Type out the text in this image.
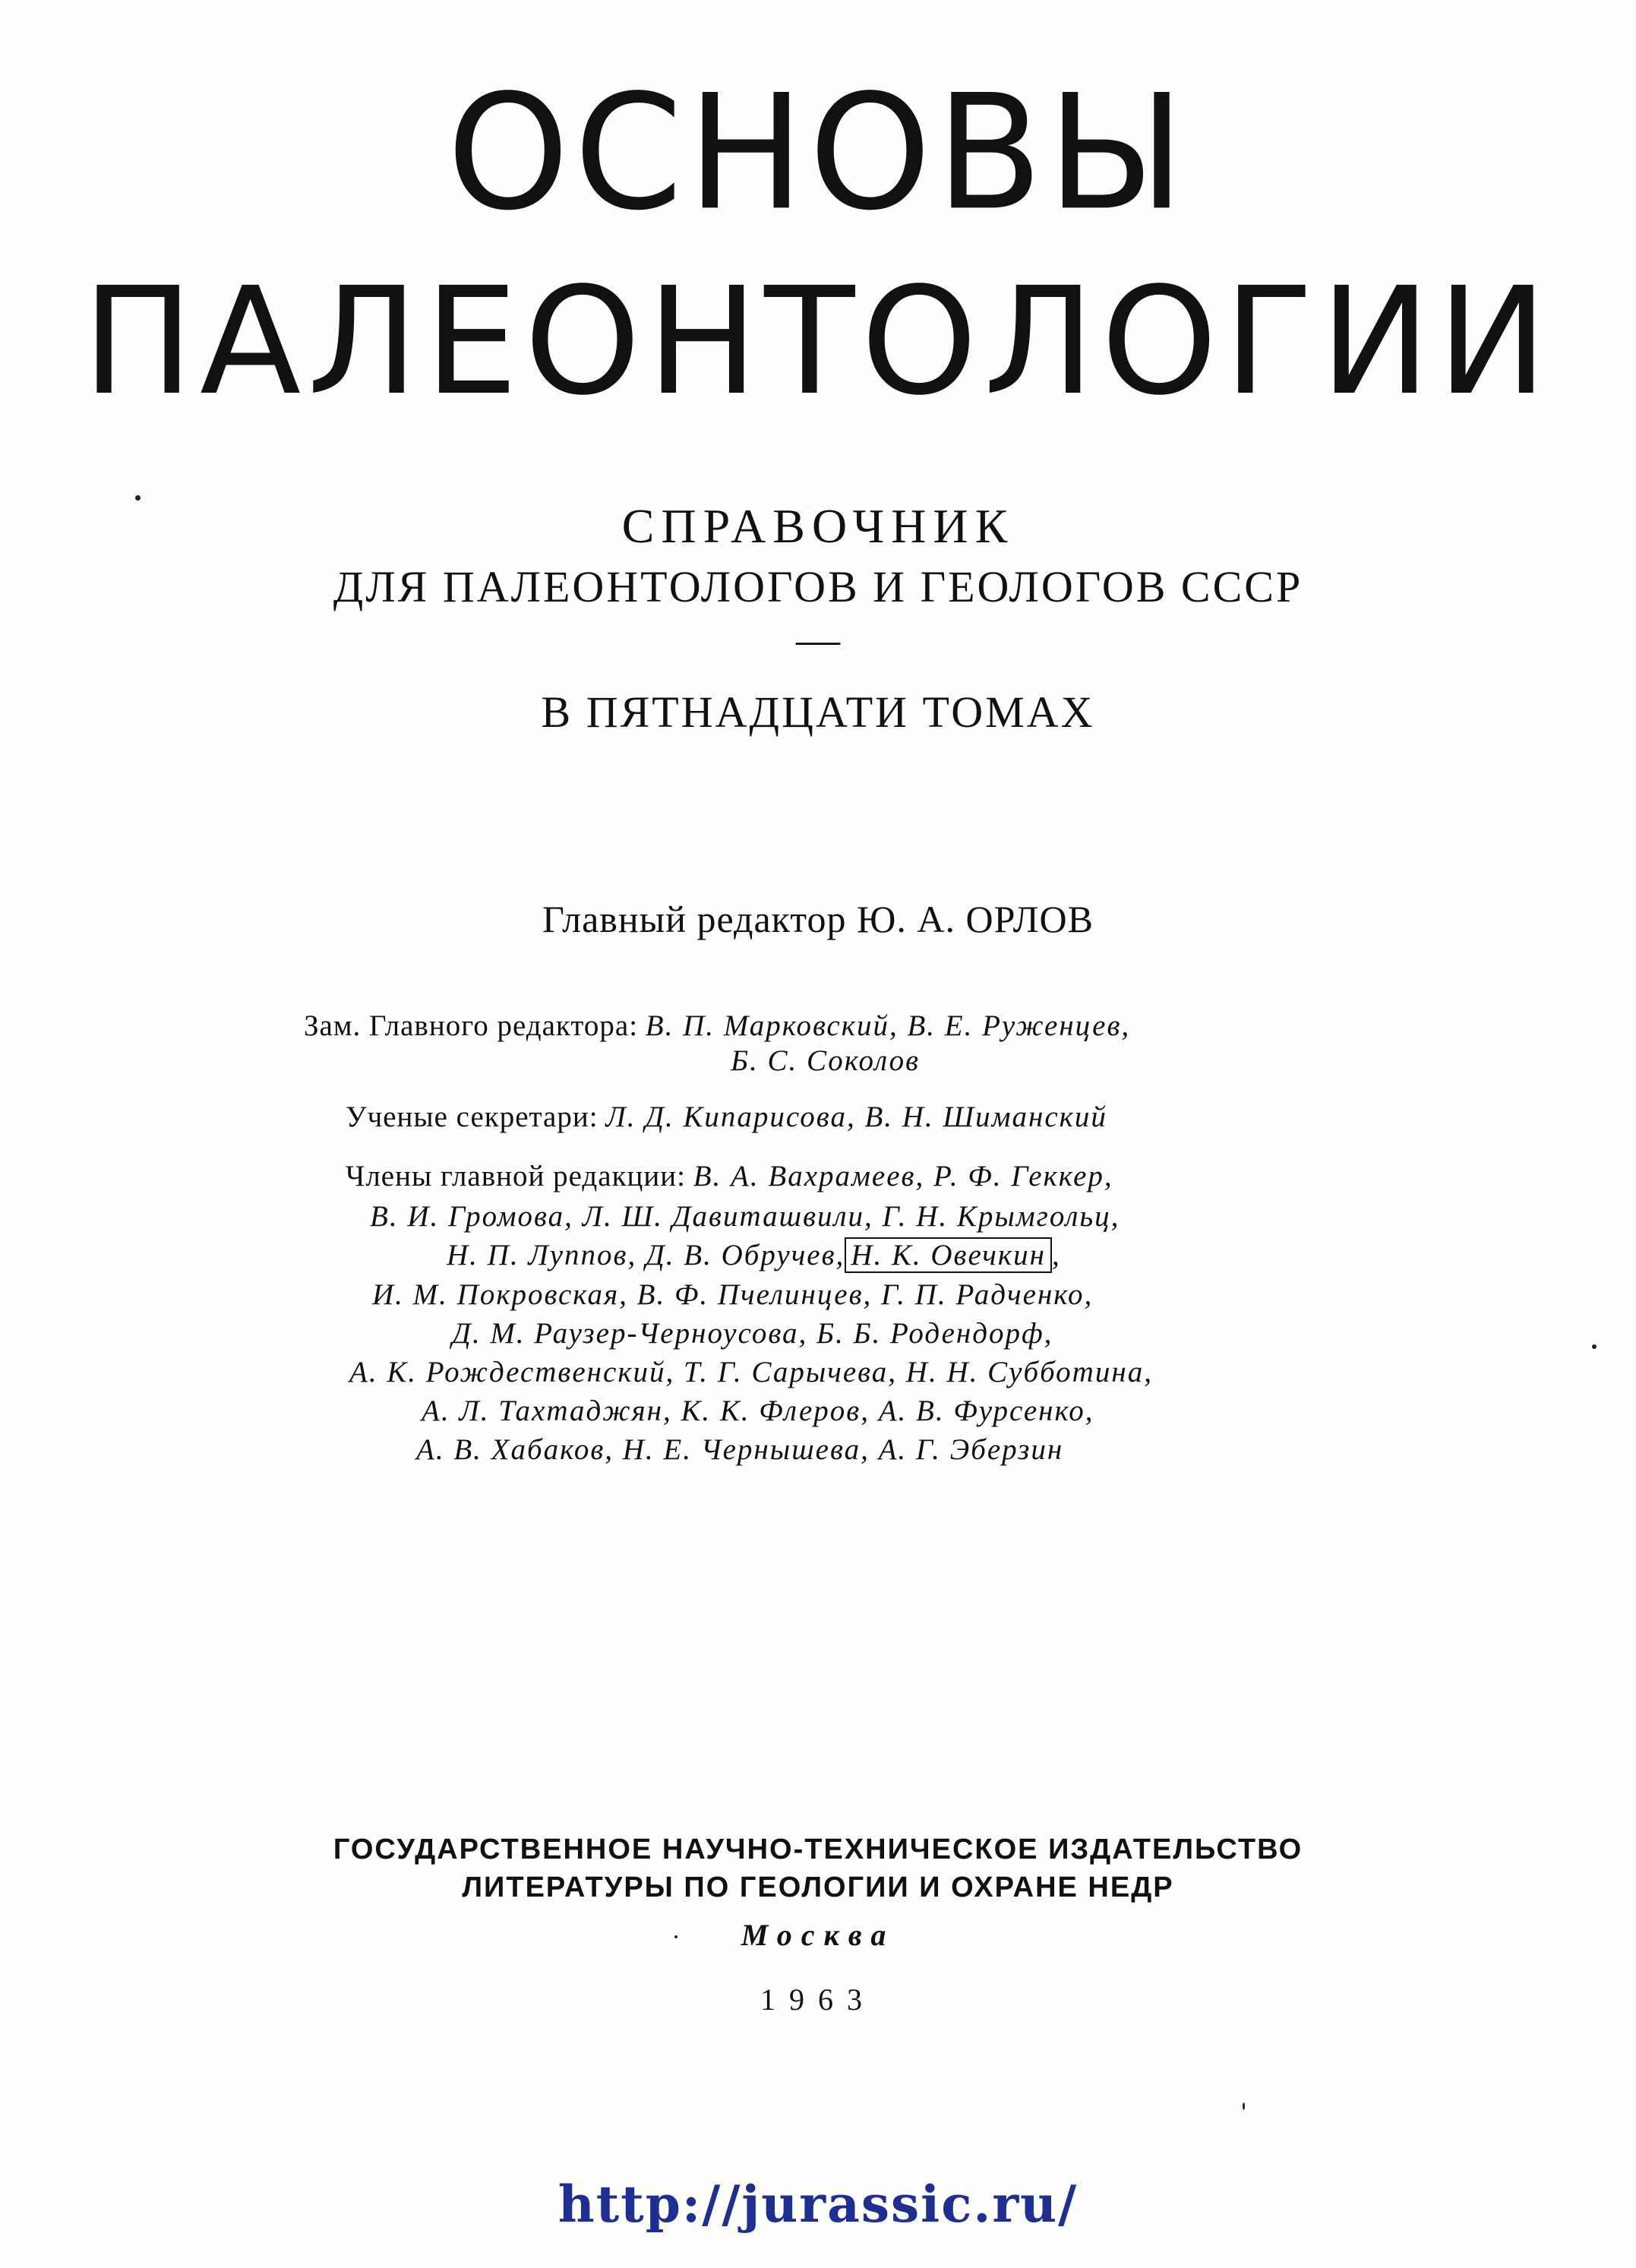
ОСНОВЫ
ПАЛЕОНТОЛОГИИ
СПРАВОЧНИК
ДЛЯ ПАЛЕОНТОЛОГОВ И ГЕОЛОГОВ СССР
—
В ПЯТНАДЦАТИ ТОМАХ
Главный редактор Ю. А. ОРЛОВ
Зам. Главного редактора: В. П. Марковский, В. Е. Руженцев,
Б. С. Соколов
Ученые секретари: Л. Д. Кипарисова, В. Н. Шиманский
Члены главной редакции: В. А. Вахрамеев, Р. Ф. Геккер,
В. И. Громова, Л. Ш. Давиташвили, Г. Н. Крымгольц,
Н. П. Луппов, Д. В. Обручев, Н. К. Овечкин ,
И. М. Покровская, В. Ф. Пчелинцев, Г. П. Радченко,
Д. М. Раузер-Черноусова, Б. Б. Родендорф,
А. К. Рождественский, Т. Г. Сарычева, Н. Н. Субботина,
А. Л. Тахтаджян, К. К. Флеров, А. В. Фурсенко,
А. В. Хабаков, Н. Е. Чернышева, А. Г. Эберзин
ГОСУДАРСТВЕННОЕ НАУЧНО-ТЕХНИЧЕСКОЕ ИЗДАТЕЛЬСТВО
ЛИТЕРАТУРЫ ПО ГЕОЛОГИИ И ОХРАНЕ НЕДР
Москва
1963
http://jurassic.ru/
